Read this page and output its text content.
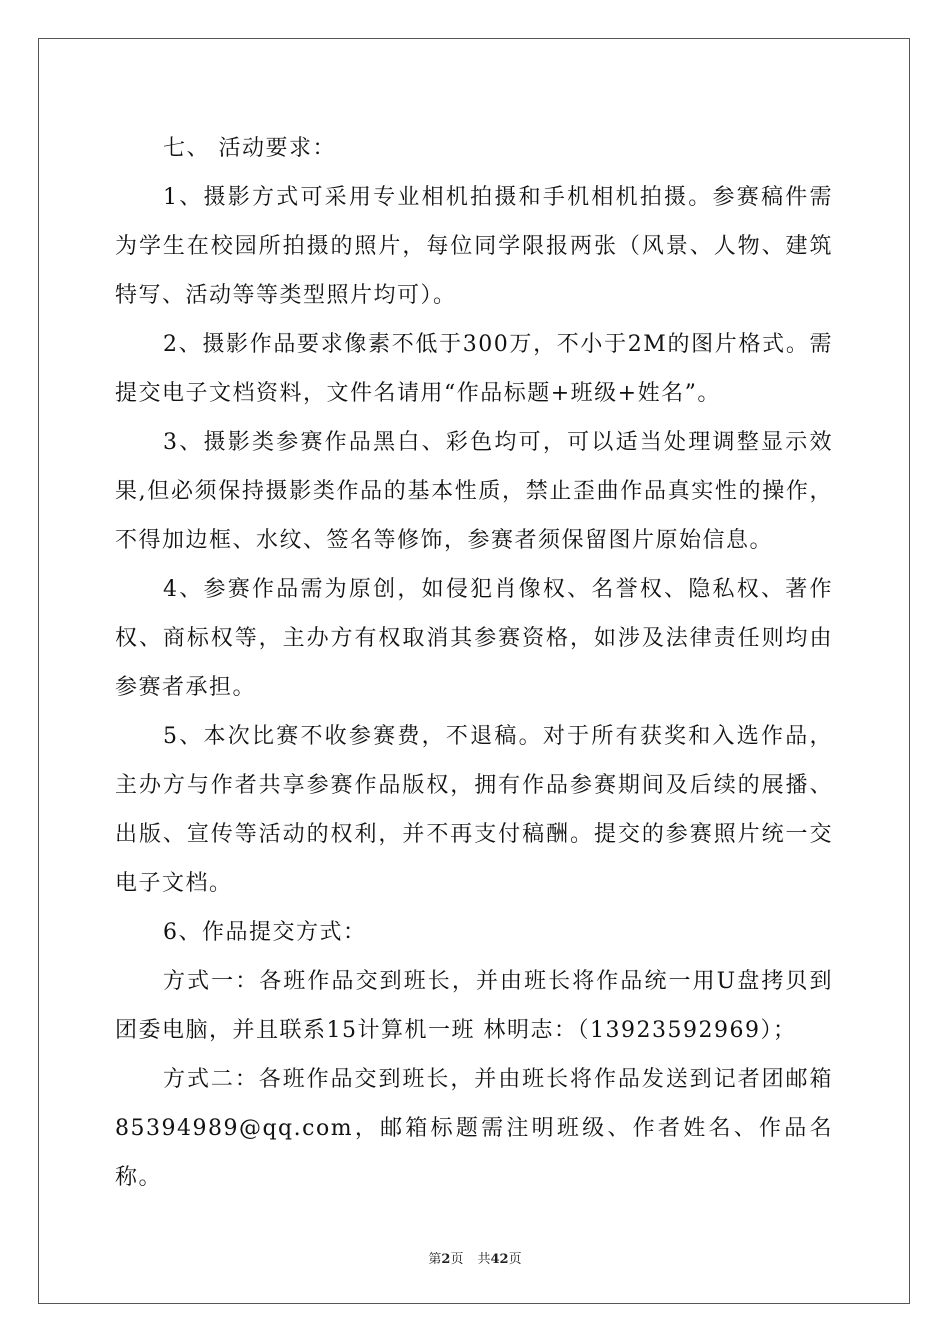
七、 活动要求：

1、摄影方式可采用专业相机拍摄和手机相机拍摄。参赛稿件需为学生在校园所拍摄的照片，每位同学限报两张（风景、人物、建筑特写、活动等等类型照片均可）。

2、摄影作品要求像素不低于300万，不小于2M的图片格式。需提交电子文档资料，文件名请用“作品标题+班级+姓名”。

3、摄影类参赛作品黑白、彩色均可，可以适当处理调整显示效果,但必须保持摄影类作品的基本性质，禁止歪曲作品真实性的操作，不得加边框、水纹、签名等修饰，参赛者须保留图片原始信息。

4、参赛作品需为原创，如侵犯肖像权、名誉权、隐私权、著作权、商标权等，主办方有权取消其参赛资格，如涉及法律责任则均由参赛者承担。

5、本次比赛不收参赛费，不退稿。对于所有获奖和入选作品，主办方与作者共享参赛作品版权，拥有作品参赛期间及后续的展播、出版、宣传等活动的权利，并不再支付稿酬。提交的参赛照片统一交电子文档。

6、作品提交方式：

方式一：各班作品交到班长，并由班长将作品统一用U盘拷贝到团委电脑，并且联系15计算机一班 林明志：（13923592969）；

方式二：各班作品交到班长，并由班长将作品发送到记者团邮箱85394989@qq.com，邮箱标题需注明班级、作者姓名、作品名称。

第2页 共42页
